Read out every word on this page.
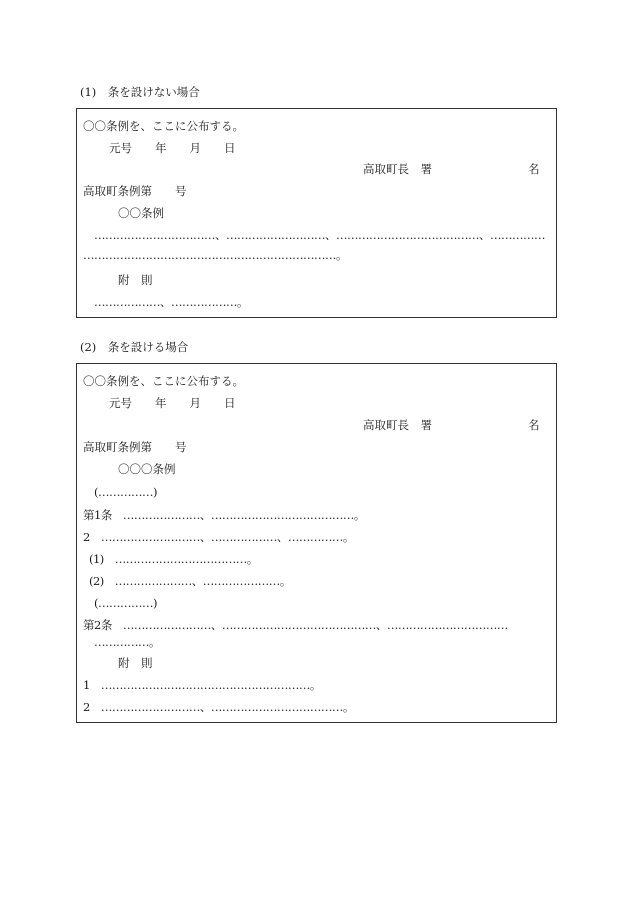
(1)　条を設けない場合
〇〇条例を、ここに公布する。
元号　　年　　月　　日
高取町長　署	名
高取町条例第　　号
〇〇条例
……………………………、………………………、…………………………………、……………
……………………………………………………………。
附　則
………………、………………。
(2)　条を設ける場合
〇〇条例を、ここに公布する。
元号　　年　　月　　日
高取町長　署	名
高取町条例第　　号
〇〇〇条例
(……………)
第1条　…………………、…………………………………。
2　………………………、………………、……………。
(1)　………………………………。
(2)　…………………、…………………。
(……………)
第2条　……………………、……………………………………、……………………………
……………。
附　則
1　…………………………………………………。
2　………………………、………………………………。
